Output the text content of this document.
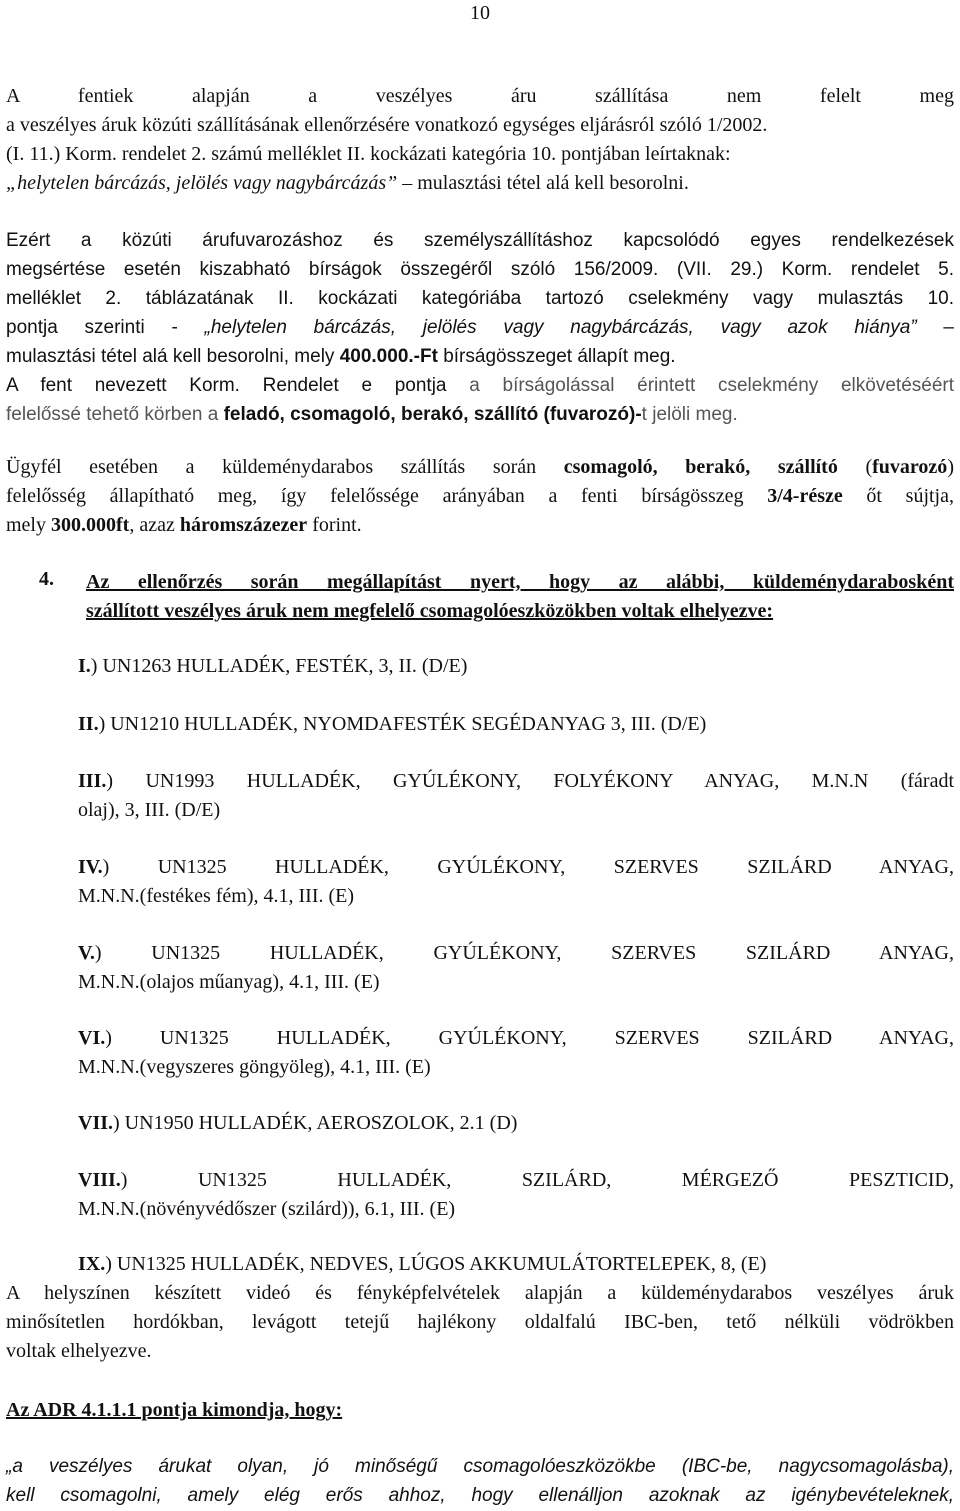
10
A fentiek alapján a veszélyes áru szállítása nem felelt meg
a veszélyes áruk közúti szállításának ellenőrzésére vonatkozó egységes eljárásról szóló 1/2002.
(I. 11.) Korm. rendelet 2. számú melléklet II. kockázati kategória 10. pontjában leírtaknak:
„helytelen bárcázás, jelölés vagy nagybárcázás” – mulasztási tétel alá kell besorolni.
Ezért a közúti árufuvarozáshoz és személyszállításhoz kapcsolódó egyes rendelkezések
megsértése esetén kiszabható bírságok összegéről szóló 156/2009. (VII. 29.) Korm. rendelet 5.
melléklet 2. táblázatának II. kockázati kategóriába tartozó cselekmény vagy mulasztás 10.
pontja szerinti - „helytelen bárcázás, jelölés vagy nagybárcázás, vagy azok hiánya” –
mulasztási tétel alá kell besorolni, mely 400.000.-Ft bírságösszeget állapít meg.
A fent nevezett Korm. Rendelet e pontja a bírságolással érintett cselekmény elkövetéséért
felelőssé tehető körben a feladó, csomagoló, berakó, szállító (fuvarozó)-t jelöli meg.
Ügyfél esetében a küldeménydarabos szállítás során csomagoló, berakó, szállító (fuvarozó)
felelősség állapítható meg, így felelőssége arányában a fenti bírságösszeg 3/4-része őt sújtja,
mely 300.000ft, azaz háromszázezer forint.
4. Az ellenőrzés során megállapítást nyert, hogy az alábbi, küldeménydarabosként
szállított veszélyes áruk nem megfelelő csomagolóeszközökben voltak elhelyezve:
I.) UN1263 HULLADÉK, FESTÉK, 3, II. (D/E)
II.) UN1210 HULLADÉK, NYOMDAFESTÉK SEGÉDANYAG 3, III. (D/E)
III.) UN1993 HULLADÉK, GYÚLÉKONY, FOLYÉKONY ANYAG, M.N.N (fáradt
olaj), 3, III. (D/E)
IV.) UN1325 HULLADÉK, GYÚLÉKONY, SZERVES SZILÁRD ANYAG,
M.N.N.(festékes fém), 4.1, III. (E)
V.) UN1325 HULLADÉK, GYÚLÉKONY, SZERVES SZILÁRD ANYAG,
M.N.N.(olajos műanyag), 4.1, III. (E)
VI.) UN1325 HULLADÉK, GYÚLÉKONY, SZERVES SZILÁRD ANYAG,
M.N.N.(vegyszeres göngyöleg), 4.1, III. (E)
VII.) UN1950 HULLADÉK, AEROSZOLOK, 2.1 (D)
VIII.) UN1325 HULLADÉK, SZILÁRD, MÉRGEZŐ PESZTICID,
M.N.N.(növényvédőszer (szilárd)), 6.1, III. (E)
IX.) UN1325 HULLADÉK, NEDVES, LÚGOS AKKUMULÁTORTELEPEK, 8, (E)
A helyszínen készített videó és fényképfelvételek alapján a küldeménydarabos veszélyes áruk
minősítetlen hordókban, levágott tetejű hajlékony oldalfalú IBC-ben, tető nélküli vödrökben
voltak elhelyezve.
Az ADR 4.1.1.1 pontja kimondja, hogy:
„a veszélyes árukat olyan, jó minőségű csomagolóeszközökbe (IBC-be, nagycsomagolásba),
kell csomagolni, amely elég erős ahhoz, hogy ellenálljon azoknak az igénybevételeknek,
